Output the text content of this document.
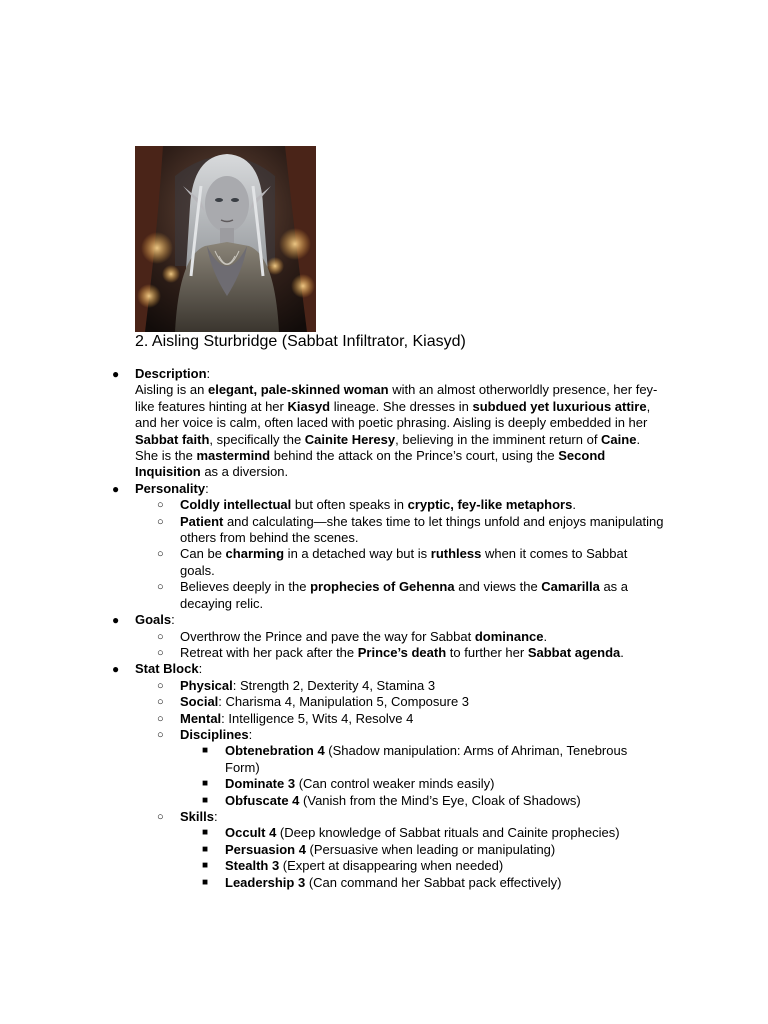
2. Aisling Sturbridge (Sabbat Infiltrator, Kiasyd)
● Description:
Aisling is an elegant, pale-skinned woman with an almost otherworldly presence, her fey-like features hinting at her Kiasyd lineage. She dresses in subdued yet luxurious attire, and her voice is calm, often laced with poetic phrasing. Aisling is deeply embedded in her Sabbat faith, specifically the Cainite Heresy, believing in the imminent return of Caine. She is the mastermind behind the attack on the Prince’s court, using the Second Inquisition as a diversion.
● Personality:
○ Coldly intellectual but often speaks in cryptic, fey-like metaphors.
○ Patient and calculating—she takes time to let things unfold and enjoys manipulating others from behind the scenes.
○ Can be charming in a detached way but is ruthless when it comes to Sabbat goals.
○ Believes deeply in the prophecies of Gehenna and views the Camarilla as a decaying relic.
● Goals:
○ Overthrow the Prince and pave the way for Sabbat dominance.
○ Retreat with her pack after the Prince’s death to further her Sabbat agenda.
● Stat Block:
○ Physical: Strength 2, Dexterity 4, Stamina 3
○ Social: Charisma 4, Manipulation 5, Composure 3
○ Mental: Intelligence 5, Wits 4, Resolve 4
○ Disciplines:
■ Obtenebration 4 (Shadow manipulation: Arms of Ahriman, Tenebrous Form)
■ Dominate 3 (Can control weaker minds easily)
■ Obfuscate 4 (Vanish from the Mind’s Eye, Cloak of Shadows)
○ Skills:
■ Occult 4 (Deep knowledge of Sabbat rituals and Cainite prophecies)
■ Persuasion 4 (Persuasive when leading or manipulating)
■ Stealth 3 (Expert at disappearing when needed)
■ Leadership 3 (Can command her Sabbat pack effectively)
